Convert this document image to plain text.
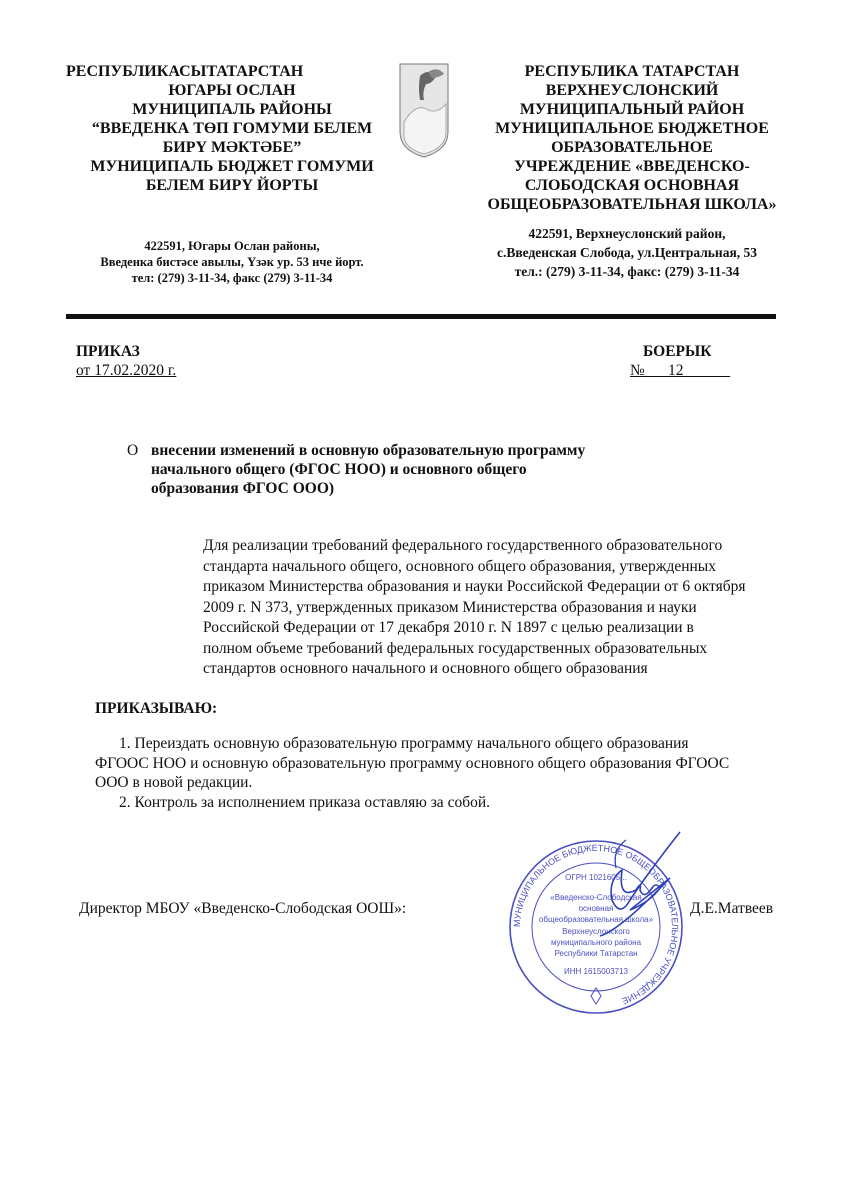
РЕСПУБЛИКАСЫТАТАРСТАН
ЮГАРЫ ОСЛАН
МУНИЦИПАЛЬ РАЙОНЫ
“ВВЕДЕНКА ТӨП ГОМУМИ БЕЛЕМ
БИРҮ МӘКТӘБЕ”
МУНИЦИПАЛЬ БЮДЖЕТ ГОМУМИ
БЕЛЕМ БИРҮ ЙОРТЫ
422591, Югары Ослан районы,
Введенка бистәсе авылы, Үзәк ур. 53 нче йорт.
тел: (279) 3-11-34, факс (279) 3-11-34
РЕСПУБЛИКА ТАТАРСТАН
ВЕРХНЕУСЛОНСКИЙ
МУНИЦИПАЛЬНЫЙ РАЙОН
МУНИЦИПАЛЬНОЕ БЮДЖЕТНОЕ
ОБРАЗОВАТЕЛЬНОЕ
УЧРЕЖДЕНИЕ «ВВЕДЕНСКО-
СЛОБОДСКАЯ ОСНОВНАЯ
ОБЩЕОБРАЗОВАТЕЛЬНАЯ ШКОЛА»
422591, Верхнеуслонский район,
с.Введенская Слобода, ул.Центральная, 53
тел.: (279) 3-11-34, факс: (279) 3-11-34
ПРИКАЗ
от 17.02.2020 г.
БОЕРЫК
№___12______
О внесении изменений в основную образовательную программу
начального общего (ФГОС НОО) и основного общего
образования ФГОС ООО)
Для реализации требований федерального государственного образовательного
стандарта начального общего, основного общего образования, утвержденных
приказом Министерства образования и науки Российской Федерации от 6 октября
2009 г. N 373, утвержденных приказом Министерства образования и науки
Российской Федерации от 17 декабря 2010 г. N 1897 с целью реализации в
полном объеме требований федеральных государственных образовательных
стандартов основного начального и основного общего образования
ПРИКАЗЫВАЮ:
1. Переиздать основную образовательную программу начального общего образования
ФГООС НОО и основную образовательную программу основного общего образования ФГООС
ООО в новой редакции.
2. Контроль за исполнением приказа оставляю за собой.
Директор МБОУ «Введенско-Слободская ООШ»:	Д.Е.Матвеев
МУНИЦИПАЛЬНОЕ БЮДЖЕТНОЕ ОБЩЕОБРАЗОВАТЕЛЬНОЕ УЧРЕЖДЕНИЕ
ОГРН 1021605...
«Введенско-Слободская
основная
общеобразовательная школа»
Верхнеуслонского
муниципального района
Республики Татарстан
ИНН 1615003713
